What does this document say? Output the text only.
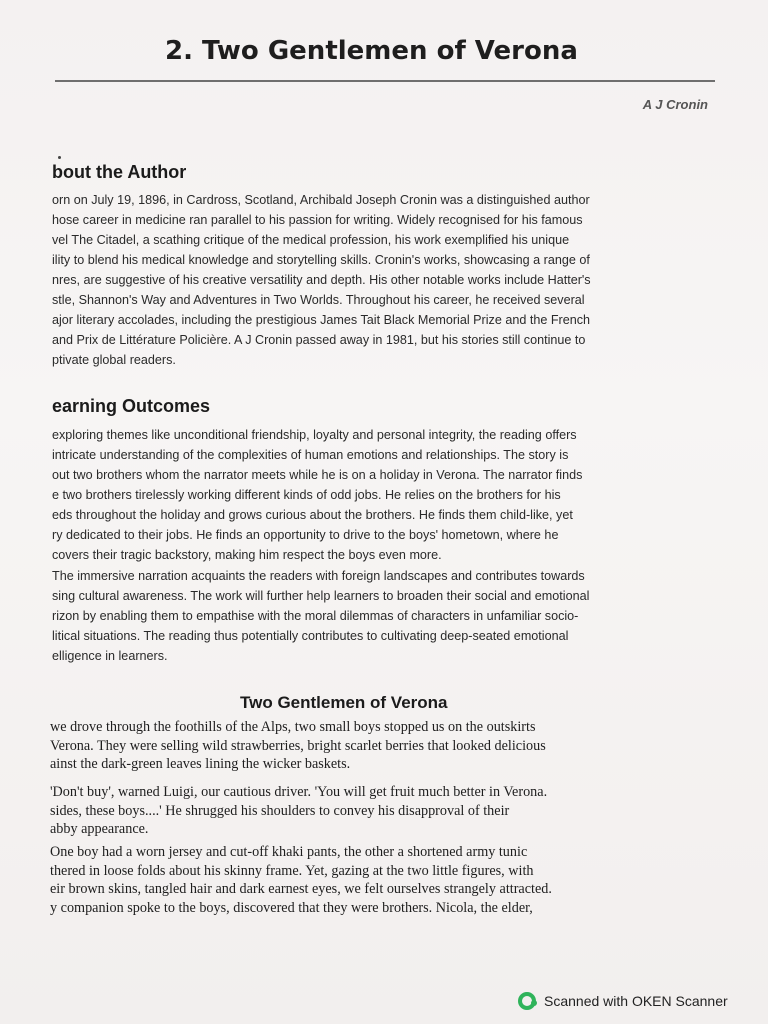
2. Two Gentlemen of Verona
A J Cronin
bout the Author
orn on July 19, 1896, in Cardross, Scotland, Archibald Joseph Cronin was a distinguished author
hose career in medicine ran parallel to his passion for writing. Widely recognised for his famous
vel The Citadel, a scathing critique of the medical profession, his work exemplified his unique
ility to blend his medical knowledge and storytelling skills. Cronin's works, showcasing a range of
nres, are suggestive of his creative versatility and depth. His other notable works include Hatter's
stle, Shannon's Way and Adventures in Two Worlds. Throughout his career, he received several
ajor literary accolades, including the prestigious James Tait Black Memorial Prize and the French
and Prix de Littérature Policière. A J Cronin passed away in 1981, but his stories still continue to
ptivate global readers.
earning Outcomes
exploring themes like unconditional friendship, loyalty and personal integrity, the reading offers
intricate understanding of the complexities of human emotions and relationships. The story is
out two brothers whom the narrator meets while he is on a holiday in Verona. The narrator finds
e two brothers tirelessly working different kinds of odd jobs. He relies on the brothers for his
eds throughout the holiday and grows curious about the brothers. He finds them child-like, yet
ry dedicated to their jobs. He finds an opportunity to drive to the boys' hometown, where he
covers their tragic backstory, making him respect the boys even more.
The immersive narration acquaints the readers with foreign landscapes and contributes towards
sing cultural awareness. The work will further help learners to broaden their social and emotional
rizon by enabling them to empathise with the moral dilemmas of characters in unfamiliar socio-
litical situations. The reading thus potentially contributes to cultivating deep-seated emotional
elligence in learners.
Two Gentlemen of Verona
we drove through the foothills of the Alps, two small boys stopped us on the outskirts
Verona. They were selling wild strawberries, bright scarlet berries that looked delicious
ainst the dark-green leaves lining the wicker baskets.
'Don't buy', warned Luigi, our cautious driver. 'You will get fruit much better in Verona.
sides, these boys....' He shrugged his shoulders to convey his disapproval of their
abby appearance.
One boy had a worn jersey and cut-off khaki pants, the other a shortened army tunic
thered in loose folds about his skinny frame. Yet, gazing at the two little figures, with
eir brown skins, tangled hair and dark earnest eyes, we felt ourselves strangely attracted.
y companion spoke to the boys, discovered that they were brothers. Nicola, the elder,
Scanned with OKEN Scanner
